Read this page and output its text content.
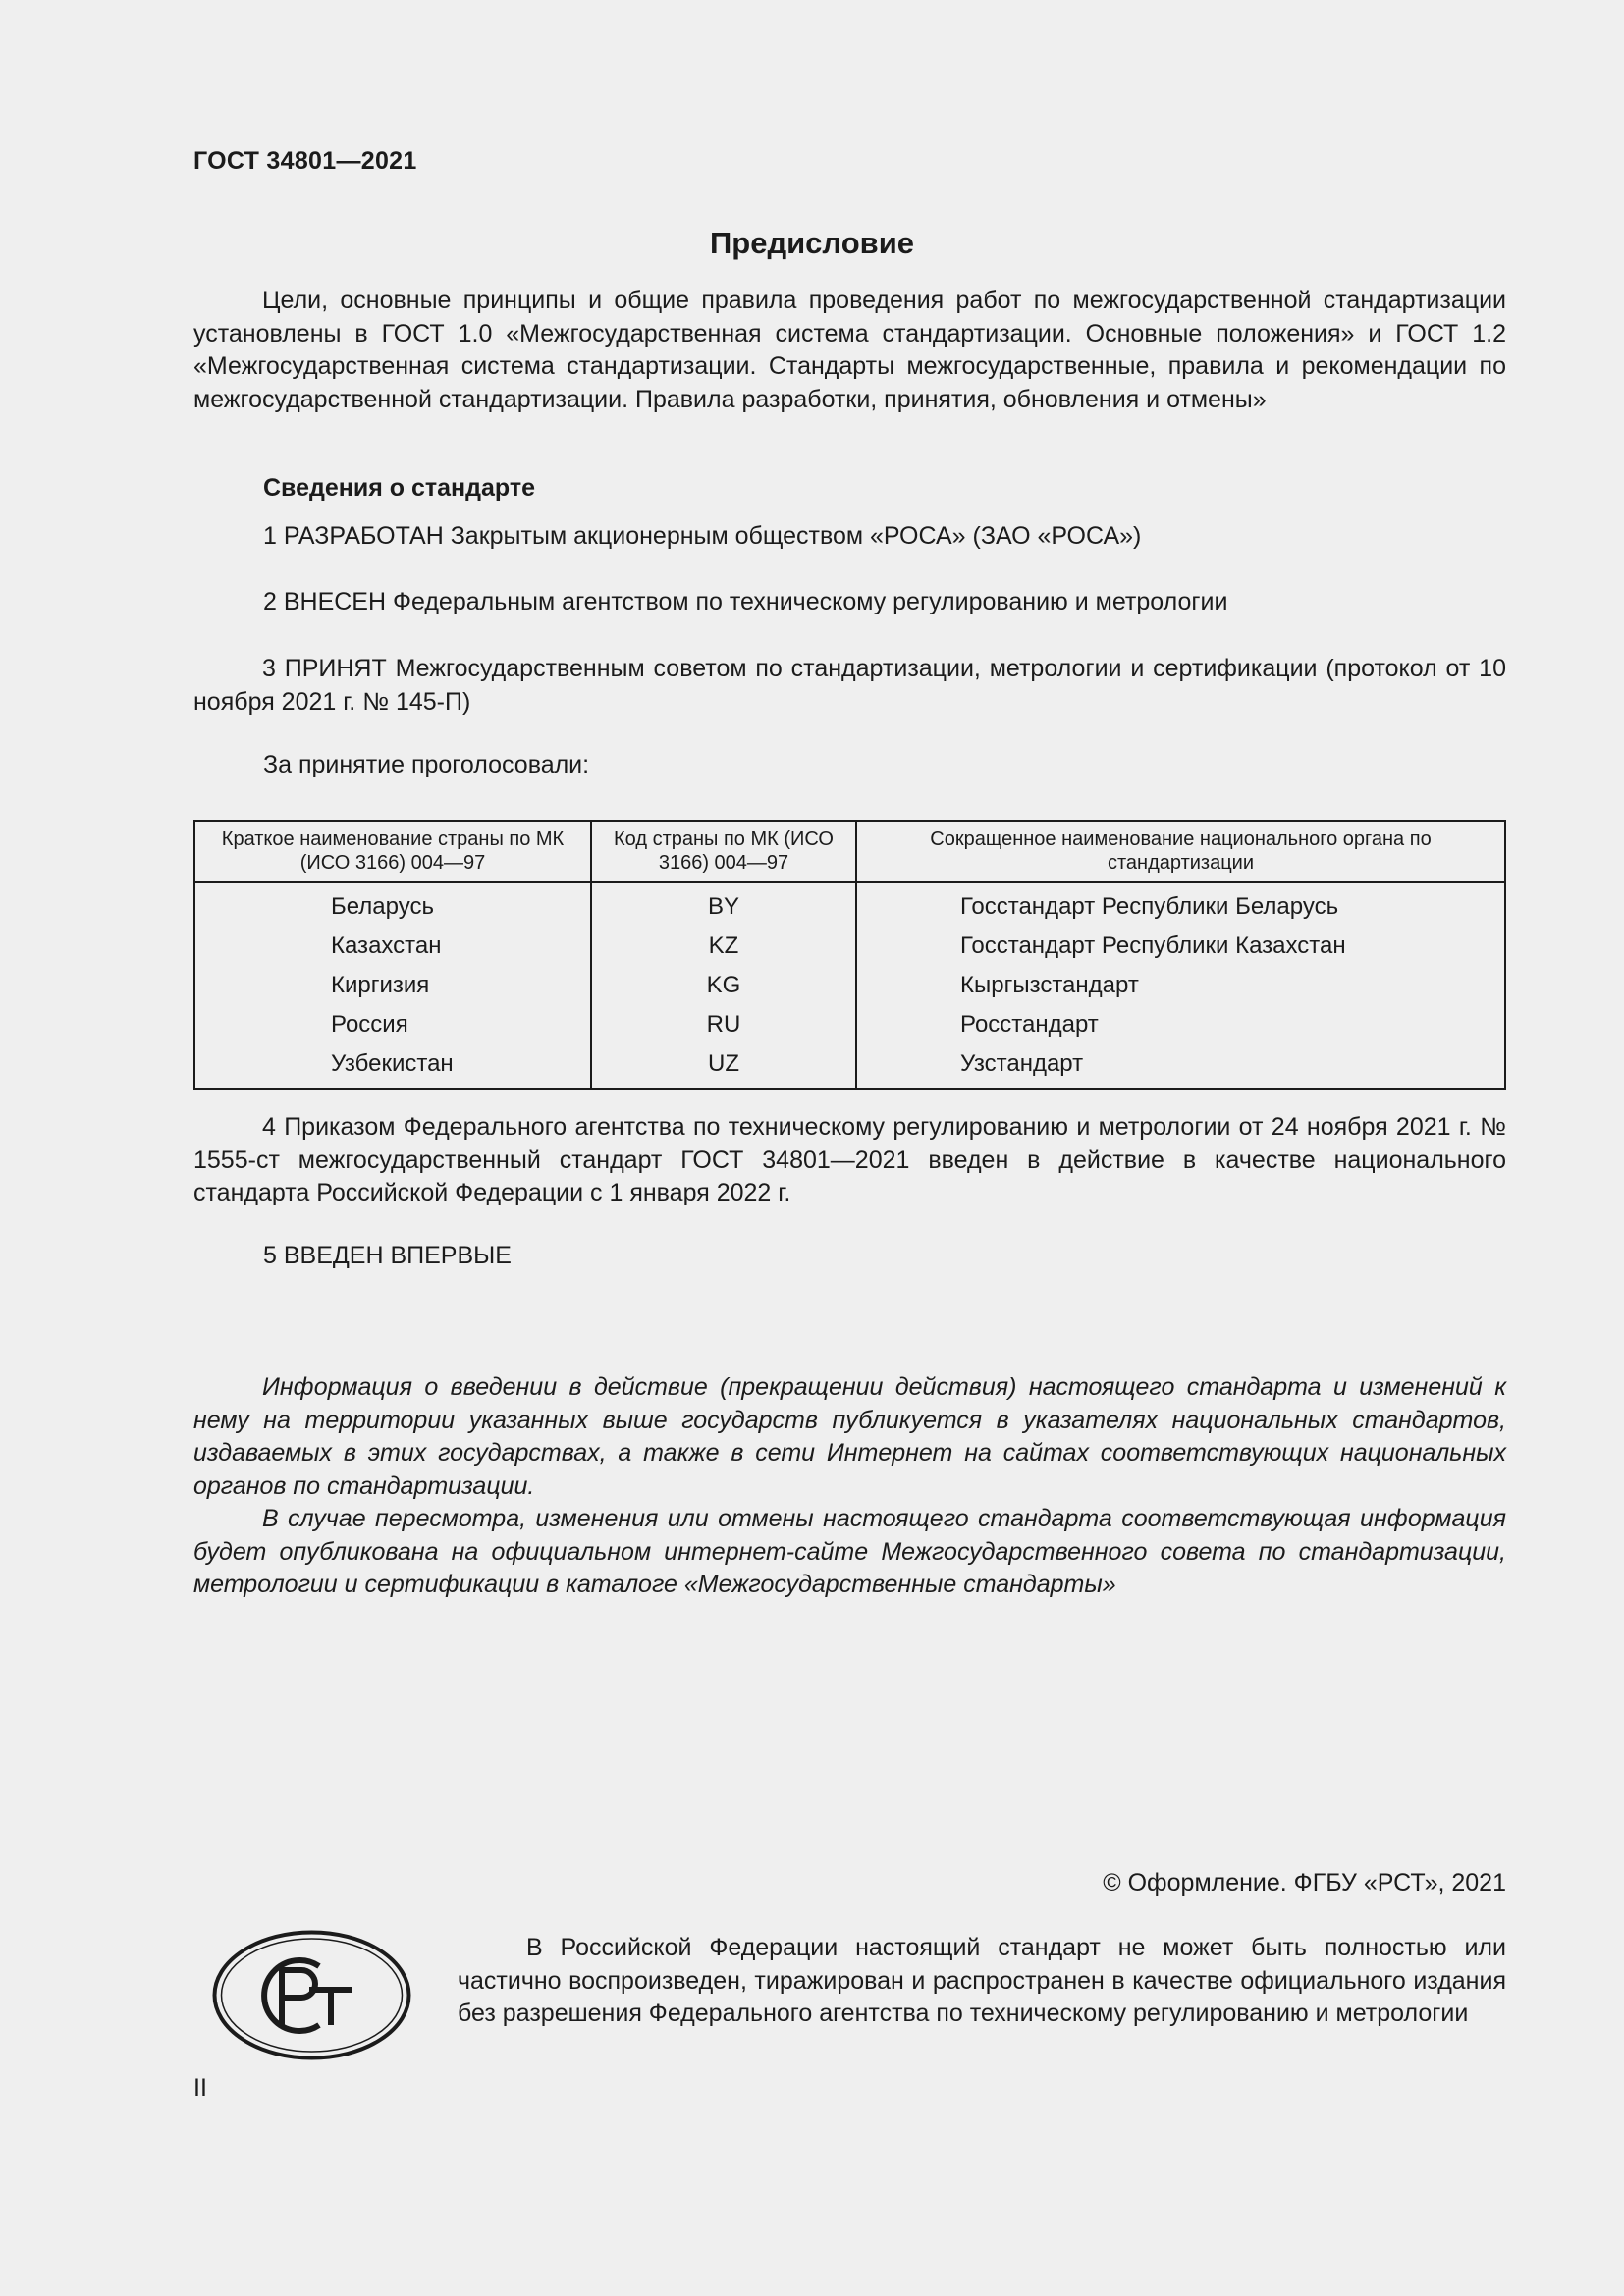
ГОСТ 34801—2021
Предисловие
Цели, основные принципы и общие правила проведения работ по межгосударственной стандартизации установлены в ГОСТ 1.0 «Межгосударственная система стандартизации. Основные положения» и ГОСТ 1.2 «Межгосударственная система стандартизации. Стандарты межгосударственные, правила и рекомендации по межгосударственной стандартизации. Правила разработки, принятия, обновления и отмены»
Сведения о стандарте
1 РАЗРАБОТАН Закрытым акционерным обществом «РОСА» (ЗАО «РОСА»)
2 ВНЕСЕН Федеральным агентством по техническому регулированию и метрологии
3 ПРИНЯТ Межгосударственным советом по стандартизации, метрологии и сертификации (протокол от 10 ноября 2021 г. № 145-П)
За принятие проголосовали:
Краткое наименование страны по МК (ИСО 3166) 004—97	Код страны по МК (ИСО 3166) 004—97	Сокращенное наименование национального органа по стандартизации
Беларусь	BY	Госстандарт Республики Беларусь
Казахстан	KZ	Госстандарт Республики Казахстан
Киргизия	KG	Кыргызстандарт
Россия	RU	Росстандарт
Узбекистан	UZ	Узстандарт
4 Приказом Федерального агентства по техническому регулированию и метрологии от 24 ноября 2021 г. № 1555-ст межгосударственный стандарт ГОСТ 34801—2021 введен в действие в качестве национального стандарта Российской Федерации с 1 января 2022 г.
5 ВВЕДЕН ВПЕРВЫЕ
Информация о введении в действие (прекращении действия) настоящего стандарта и изменений к нему на территории указанных выше государств публикуется в указателях национальных стандартов, издаваемых в этих государствах, а также в сети Интернет на сайтах соответствующих национальных органов по стандартизации.
В случае пересмотра, изменения или отмены настоящего стандарта соответствующая информация будет опубликована на официальном интернет-сайте Межгосударственного совета по стандартизации, метрологии и сертификации в каталоге «Межгосударственные стандарты»
© Оформление. ФГБУ «РСТ», 2021
В Российской Федерации настоящий стандарт не может быть полностью или частично воспроизведен, тиражирован и распространен в качестве официального издания без разрешения Федерального агентства по техническому регулированию и метрологии
II
